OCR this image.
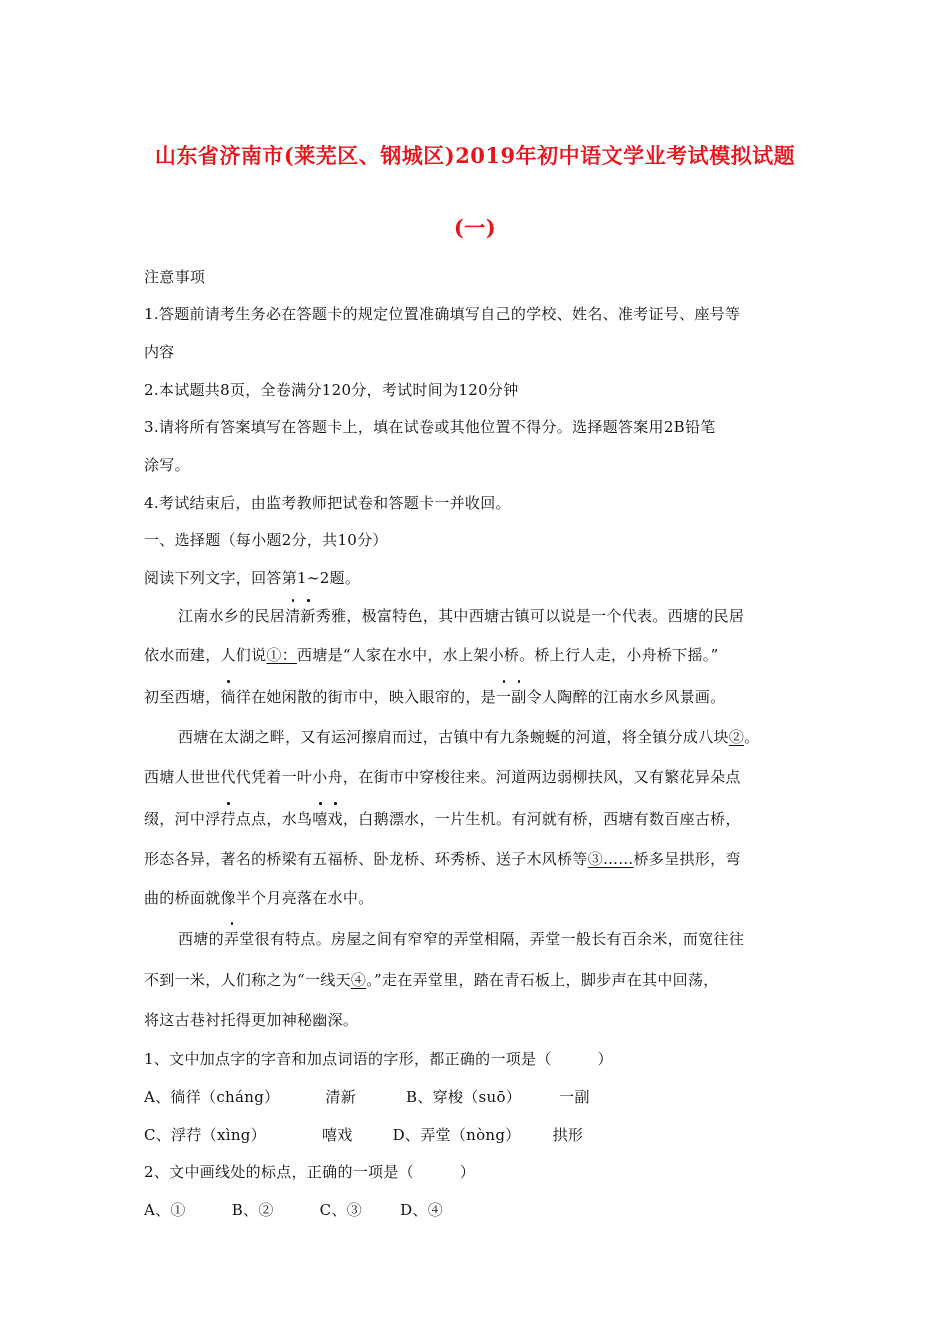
山东省济南市(莱芜区、钢城区)2019年初中语文学业考试模拟试题
(一)
注意事项
1.答题前请考生务必在答题卡的规定位置准确填写自己的学校、姓名、准考证号、座号等
内容
2.本试题共8页，全卷满分120分，考试时间为120分钟
3.请将所有答案填写在答题卡上，填在试卷或其他位置不得分。选择题答案用2B铅笔
涂写。
4.考试结束后，由监考教师把试卷和答题卡一并收回。
一、选择题（每小题2分，共10分）
阅读下列文字，回答第1~2题。
江南水乡的民居清新秀雅，极富特色，其中西塘古镇可以说是一个代表。西塘的民居
依水而建，人们说①：西塘是“人家在水中，水上架小桥。桥上行人走，小舟桥下摇。”
初至西塘，徜徉在她闲散的街市中，映入眼帘的，是一副令人陶醉的江南水乡风景画。
西塘在太湖之畔，又有运河擦肩而过，古镇中有九条蜿蜒的河道，将全镇分成八块②。
西塘人世世代代凭着一叶小舟，在街市中穿梭往来。河道两边弱柳扶风，又有繁花异朵点
缀，河中浮荇点点，水鸟嘻戏，白鹅漂水，一片生机。有河就有桥，西塘有数百座古桥，
形态各异，著名的桥梁有五福桥、卧龙桥、环秀桥、送子木风桥等③……桥多呈拱形，弯
曲的桥面就像半个月亮落在水中。
西塘的弄堂很有特点。房屋之间有窄窄的弄堂相隔，弄堂一般长有百余米，而宽往往
不到一米，人们称之为“一线天④。”走在弄堂里，踏在青石板上，脚步声在其中回荡，
将这古巷衬托得更加神秘幽深。
1、文中加点字的字音和加点词语的字形，都正确的一项是（　　　）
A、徜徉（cháng）	清新	B、穿梭（suō）	一副
C、浮荇（xìng）	嘻戏	D、弄堂（nòng） 拱形
2、文中画线处的标点，正确的一项是（　　　）
A、①	B、②	C、③	D、④
